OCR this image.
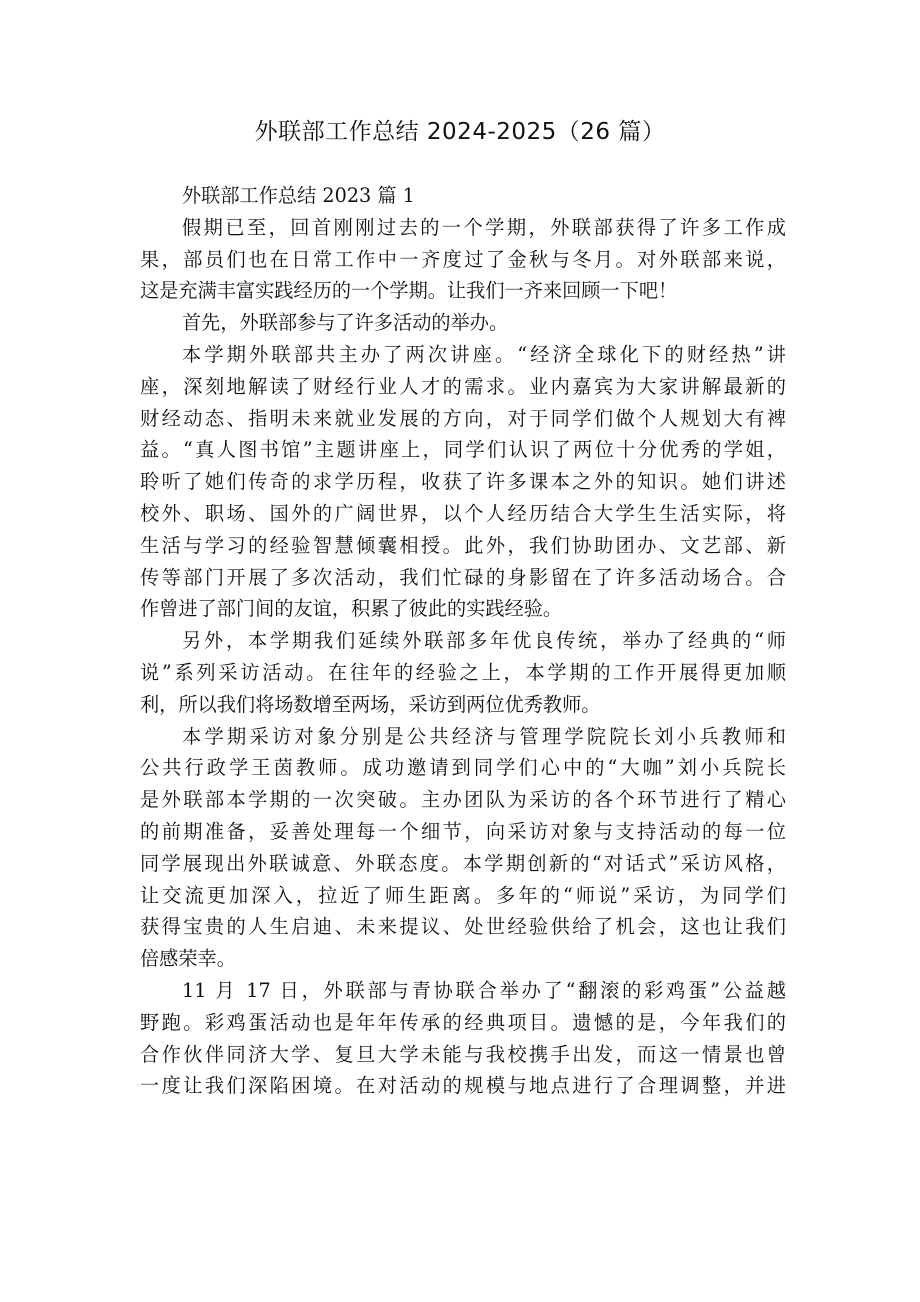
外联部工作总结 2024-2025（26 篇）
外联部工作总结 2023 篇 1
假期已至，回首刚刚过去的一个学期，外联部获得了许多工作成
果，部员们也在日常工作中一齐度过了金秋与冬月。对外联部来说，
这是充满丰富实践经历的一个学期。让我们一齐来回顾一下吧！
首先，外联部参与了许多活动的举办。
本学期外联部共主办了两次讲座。“经济全球化下的财经热”讲
座，深刻地解读了财经行业人才的需求。业内嘉宾为大家讲解最新的
财经动态、指明未来就业发展的方向，对于同学们做个人规划大有裨
益。“真人图书馆”主题讲座上，同学们认识了两位十分优秀的学姐，
聆听了她们传奇的求学历程，收获了许多课本之外的知识。她们讲述
校外、职场、国外的广阔世界，以个人经历结合大学生生活实际，将
生活与学习的经验智慧倾囊相授。此外，我们协助团办、文艺部、新
传等部门开展了多次活动，我们忙碌的身影留在了许多活动场合。合
作曾进了部门间的友谊，积累了彼此的实践经验。
另外，本学期我们延续外联部多年优良传统，举办了经典的“师
说”系列采访活动。在往年的经验之上，本学期的工作开展得更加顺
利，所以我们将场数增至两场，采访到两位优秀教师。
本学期采访对象分别是公共经济与管理学院院长刘小兵教师和
公共行政学王茵教师。成功邀请到同学们心中的“大咖”刘小兵院长
是外联部本学期的一次突破。主办团队为采访的各个环节进行了精心
的前期准备，妥善处理每一个细节，向采访对象与支持活动的每一位
同学展现出外联诚意、外联态度。本学期创新的“对话式”采访风格，
让交流更加深入，拉近了师生距离。多年的“师说”采访，为同学们
获得宝贵的人生启迪、未来提议、处世经验供给了机会，这也让我们
倍感荣幸。
11 月 17 日，外联部与青协联合举办了“翻滚的彩鸡蛋”公益越
野跑。彩鸡蛋活动也是年年传承的经典项目。遗憾的是，今年我们的
合作伙伴同济大学、复旦大学未能与我校携手出发，而这一情景也曾
一度让我们深陷困境。在对活动的规模与地点进行了合理调整，并进
